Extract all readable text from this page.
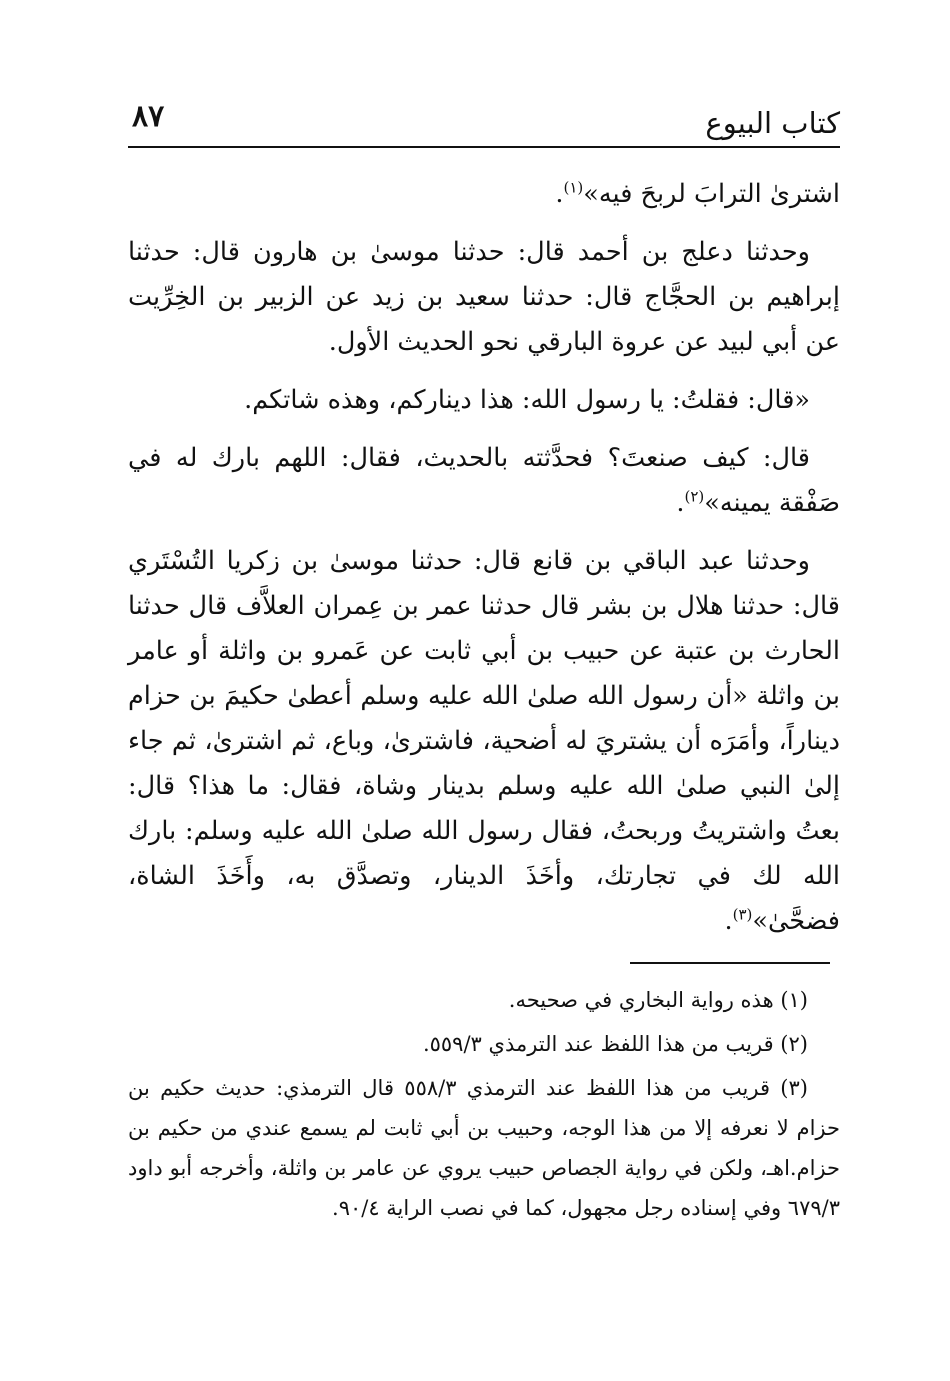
كتاب البيوع
٨٧

اشترىٰ الترابَ لربحَ فيه»$^{(١)}$.

وحدثنا دعلج بن أحمد قال: حدثنا موسىٰ بن هارون قال: حدثنا إبراهيم بن الحجَّاج قال: حدثنا سعيد بن زيد عن الزبير بن الخِرِّيت عن أبي لبيد عن عروة البارقي نحو الحديث الأول.

«قال: فقلتُ: يا رسول الله: هذا ديناركم، وهذه شاتكم.

قال: كيف صنعتَ؟ فحدَّثته بالحديث، فقال: اللهم بارك له في صَفْقة يمينه»$^{(٢)}$.

وحدثنا عبد الباقي بن قانع قال: حدثنا موسىٰ بن زكريا التُسْتَري قال: حدثنا هلال بن بشر قال حدثنا عمر بن عِمران العلاَّف قال حدثنا الحارث بن عتبة عن حبيب بن أبي ثابت عن عَمرو بن واثلة أو عامر بن واثلة «أن رسول الله صلىٰ الله عليه وسلم أعطىٰ حكيمَ بن حزام ديناراً، وأمَرَه أن يشتريَ له أضحية، فاشترىٰ، وباع، ثم اشترىٰ، ثم جاء إلىٰ النبي صلىٰ الله عليه وسلم بدينار وشاة، فقال: ما هذا؟ قال: بعتُ واشتريتُ وربحتُ، فقال رسول الله صلىٰ الله عليه وسلم: بارك الله لك في تجارتك، وأخَذَ الدينار، وتصدَّق به، وأَخَذَ الشاة، فضحَّىٰ»$^{(٣)}$.

(١) هذه رواية البخاري في صحيحه.

(٢) قريب من هذا اللفظ عند الترمذي ٥٥٩/٣.

(٣) قريب من هذا اللفظ عند الترمذي ٥٥٨/٣ قال الترمذي: حديث حكيم بن حزام لا نعرفه إلا من هذا الوجه، وحبيب بن أبي ثابت لم يسمع عندي من حكيم بن حزام.اهـ، ولكن في رواية الجصاص حبيب يروي عن عامر بن واثلة، وأخرجه أبو داود ٦٧٩/٣ وفي إسناده رجل مجهول، كما في نصب الراية ٩٠/٤.
